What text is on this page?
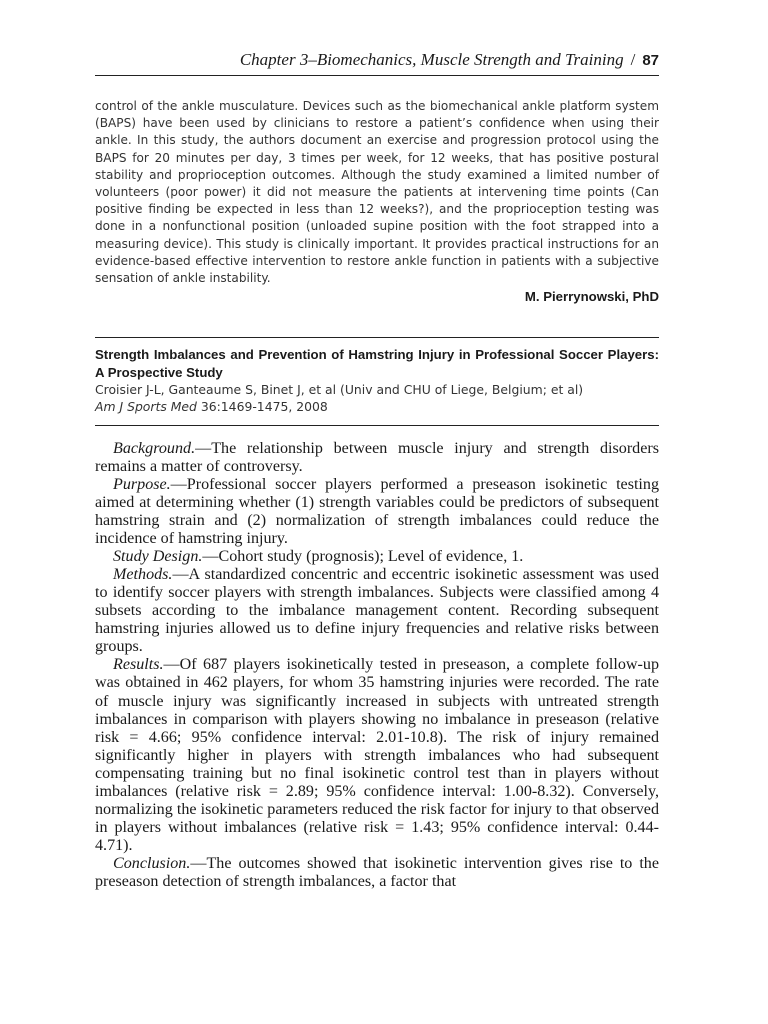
Chapter 3–Biomechanics, Muscle Strength and Training / 87

control of the ankle musculature. Devices such as the biomechanical ankle platform system (BAPS) have been used by clinicians to restore a patient’s confidence when using their ankle. In this study, the authors document an exercise and progression protocol using the BAPS for 20 minutes per day, 3 times per week, for 12 weeks, that has positive postural stability and proprioception outcomes. Although the study examined a limited number of volunteers (poor power) it did not measure the patients at intervening time points (Can positive finding be expected in less than 12 weeks?), and the proprioception testing was done in a nonfunctional position (unloaded supine position with the foot strapped into a measuring device). This study is clinically important. It provides practical instructions for an evidence-based effective intervention to restore ankle function in patients with a subjective sensation of ankle instability.

M. Pierrynowski, PhD

Strength Imbalances and Prevention of Hamstring Injury in Professional Soccer Players: A Prospective Study

Croisier J-L, Ganteaume S, Binet J, et al (Univ and CHU of Liege, Belgium; et al)

Am J Sports Med 36:1469-1475, 2008

Background.—The relationship between muscle injury and strength disorders remains a matter of controversy.

Purpose.—Professional soccer players performed a preseason isokinetic testing aimed at determining whether (1) strength variables could be predictors of subsequent hamstring strain and (2) normalization of strength imbalances could reduce the incidence of hamstring injury.

Study Design.—Cohort study (prognosis); Level of evidence, 1.

Methods.—A standardized concentric and eccentric isokinetic assessment was used to identify soccer players with strength imbalances. Subjects were classified among 4 subsets according to the imbalance management content. Recording subsequent hamstring injuries allowed us to define injury frequencies and relative risks between groups.

Results.—Of 687 players isokinetically tested in preseason, a complete follow-up was obtained in 462 players, for whom 35 hamstring injuries were recorded. The rate of muscle injury was significantly increased in subjects with untreated strength imbalances in comparison with players showing no imbalance in preseason (relative risk = 4.66; 95% confidence interval: 2.01-10.8). The risk of injury remained significantly higher in players with strength imbalances who had subsequent compensating training but no final isokinetic control test than in players without imbalances (relative risk = 2.89; 95% confidence interval: 1.00-8.32). Conversely, normalizing the isokinetic parameters reduced the risk factor for injury to that observed in players without imbalances (relative risk = 1.43; 95% confidence interval: 0.44-4.71).

Conclusion.—The outcomes showed that isokinetic intervention gives rise to the preseason detection of strength imbalances, a factor that
